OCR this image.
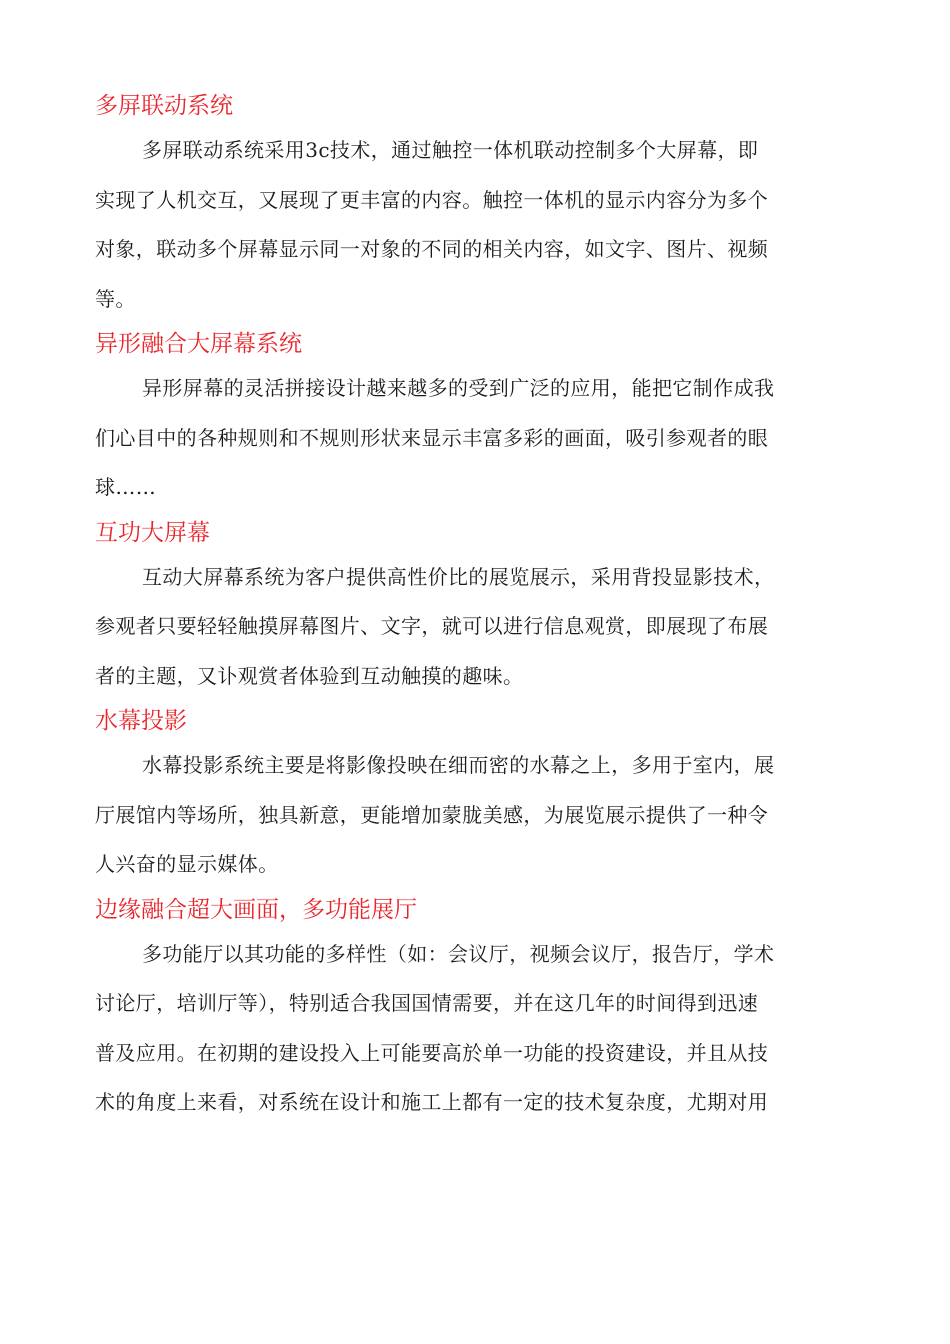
多屏联动系统
多屏联动系统采用3c技术，通过触控一体机联动控制多个大屏幕，即
实现了人机交互，又展现了更丰富的内容。触控一体机的显示内容分为多个
对象，联动多个屏幕显示同一对象的不同的相关内容，如文字、图片、视频
等。
异形融合大屏幕系统
异形屏幕的灵活拼接设计越来越多的受到广泛的应用，能把它制作成我
们心目中的各种规则和不规则形状来显示丰富多彩的画面，吸引参观者的眼
球……
互功大屏幕
互动大屏幕系统为客户提供高性价比的展览展示，采用背投显影技术，
参观者只要轻轻触摸屏幕图片、文字，就可以进行信息观赏，即展现了布展
者的主题，又讣观赏者体验到互动触摸的趣味。
水幕投影
水幕投影系统主要是将影像投映在细而密的水幕之上，多用于室内，展
厅展馆内等场所，独具新意，更能增加蒙胧美感，为展览展示提供了一种令
人兴奋的显示媒体。
边缘融合超大画面，多功能展厅
多功能厅以其功能的多样性（如：会议厅，视频会议厅，报告厅，学术
讨论厅，培训厅等），特别适合我国国情需要，并在这几年的时间得到迅速
普及应用。在初期的建设投入上可能要高於单一功能的投资建设，并且从技
术的角度上来看，对系统在设计和施工上都有一定的技术复杂度，尤期对用
